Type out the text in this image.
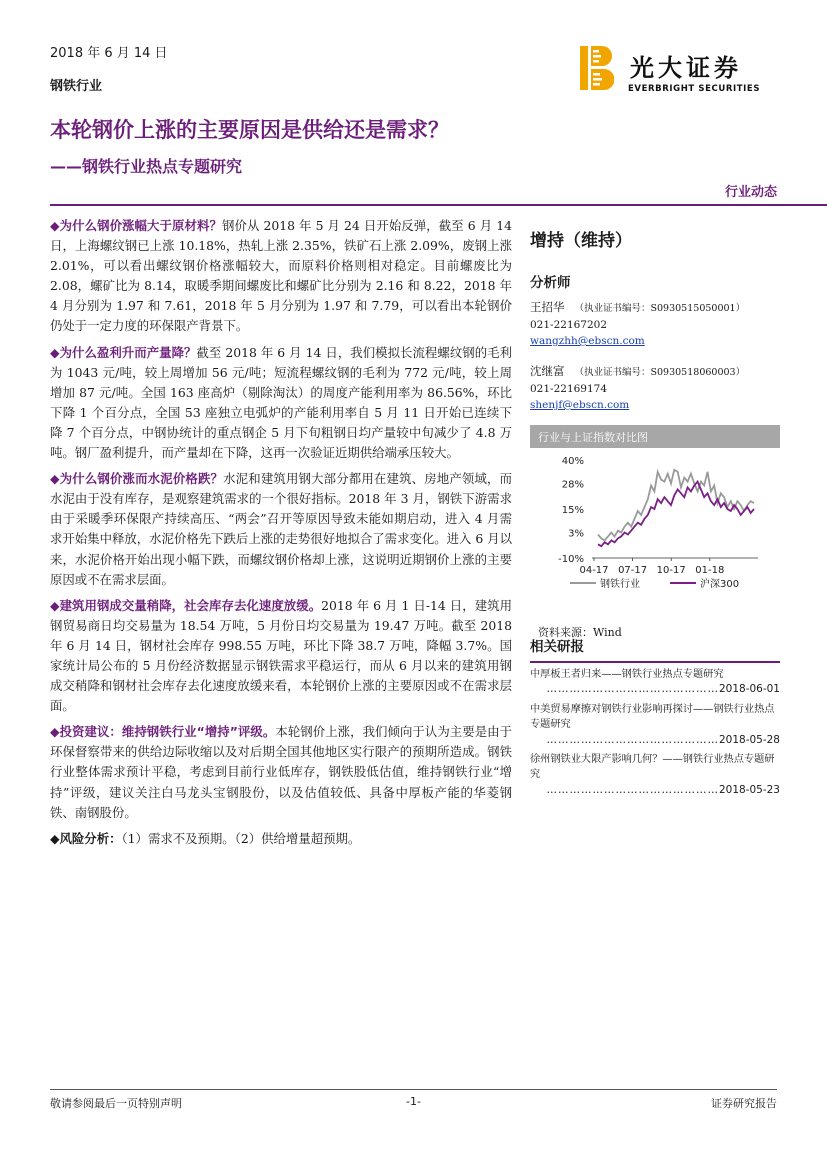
2018 年 6 月 14 日
钢铁行业
光大证券
EVERBRIGHT SECURITIES
本轮钢价上涨的主要原因是供给还是需求？
——钢铁行业热点专题研究
行业动态

◆为什么钢价涨幅大于原材料？钢价从 2018 年 5 月 24 日开始反弹，截至 6 月 14 日，上海螺纹钢已上涨 10.18%，热轧上涨 2.35%，铁矿石上涨 2.09%，废钢上涨 2.01%，可以看出螺纹钢价格涨幅较大，而原料价格则相对稳定。目前螺废比为 2.08，螺矿比为 8.14，取暖季期间螺废比和螺矿比分别为 2.16 和 8.22，2018 年 4 月分别为 1.97 和 7.61，2018 年 5 月分别为 1.97 和 7.79，可以看出本轮钢价仍处于一定力度的环保限产背景下。

◆为什么盈利升而产量降？截至 2018 年 6 月 14 日，我们模拟长流程螺纹钢的毛利为 1043 元/吨，较上周增加 56 元/吨；短流程螺纹钢的毛利为 772 元/吨，较上周增加 87 元/吨。全国 163 座高炉（剔除淘汰）的周度产能利用率为 86.56%，环比下降 1 个百分点，全国 53 座独立电弧炉的产能利用率自 5 月 11 日开始已连续下降 7 个百分点，中钢协统计的重点钢企 5 月下旬粗钢日均产量较中旬减少了 4.8 万吨。钢厂盈利提升，而产量却在下降，这再一次验证近期供给端承压较大。

◆为什么钢价涨而水泥价格跌？水泥和建筑用钢大部分都用在建筑、房地产领域，而水泥由于没有库存，是观察建筑需求的一个很好指标。2018 年 3 月，钢铁下游需求由于采暖季环保限产持续高压、“两会”召开等原因导致未能如期启动，进入 4 月需求开始集中释放，水泥价格先下跌后上涨的走势很好地拟合了需求变化。进入 6 月以来，水泥价格开始出现小幅下跌，而螺纹钢价格却上涨，这说明近期钢价上涨的主要原因或不在需求层面。

◆建筑用钢成交量稍降，社会库存去化速度放缓。2018 年 6 月 1 日-14 日，建筑用钢贸易商日均交易量为 18.54 万吨，5 月份日均交易量为 19.47 万吨。截至 2018 年 6 月 14 日，钢材社会库存 998.55 万吨，环比下降 38.7 万吨，降幅 3.7%。国家统计局公布的 5 月份经济数据显示钢铁需求平稳运行，而从 6 月以来的建筑用钢成交稍降和钢材社会库存去化速度放缓来看，本轮钢价上涨的主要原因或不在需求层面。

◆投资建议：维持钢铁行业“增持”评级。本轮钢价上涨，我们倾向于认为主要是由于环保督察带来的供给边际收缩以及对后期全国其他地区实行限产的预期所造成。钢铁行业整体需求预计平稳，考虑到目前行业低库存，钢铁股低估值，维持钢铁行业“增持”评级，建议关注白马龙头宝钢股份，以及估值较低、具备中厚板产能的华菱钢铁、南钢股份。

◆风险分析：（1）需求不及预期。（2）供给增量超预期。

增持（维持）
分析师
王招华 （执业证书编号：S0930515050001）
021-22167202
wangzhh@ebscn.com
沈继富 （执业证书编号：S0930518060003）
021-22169174
shenjf@ebscn.com
行业与上证指数对比图
40%
28%
15%
3%
-10%
04-17 07-17 10-17 01-18
钢铁行业	沪深300
资料来源：Wind
相关研报
中厚板王者归来——钢铁行业热点专题研究
………………………………………2018-06-01
中美贸易摩擦对钢铁行业影响再探讨——钢铁行业热点专题研究
………………………………………2018-05-28
徐州钢铁业大限产影响几何？——钢铁行业热点专题研究
………………………………………2018-05-23
敬请参阅最后一页特别声明	-1-	证券研究报告
